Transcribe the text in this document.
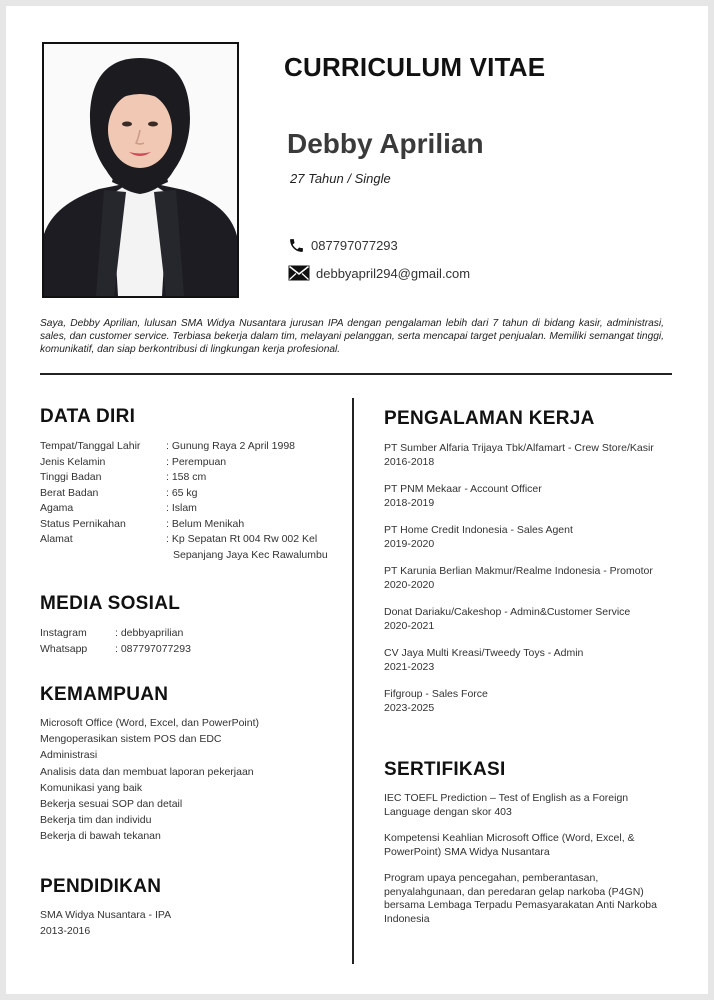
CURRICULUM VITAE
Debby Aprilian
27 Tahun / Single
087797077293
debbyapril294@gmail.com
Saya, Debby Aprilian, lulusan SMA Widya Nusantara jurusan IPA dengan pengalaman lebih dari 7 tahun di bidang kasir, administrasi, sales, dan customer service. Terbiasa bekerja dalam tim, melayani pelanggan, serta mencapai target penjualan. Memiliki semangat tinggi, komunikatif, dan siap berkontribusi di lingkungan kerja profesional.
DATA DIRI
Tempat/Tanggal Lahir	: Gunung Raya 2 April 1998
Jenis Kelamin	: Perempuan
Tinggi Badan	: 158 cm
Berat Badan	: 65 kg
Agama	: Islam
Status Pernikahan	: Belum Menikah
Alamat	: Kp Sepatan Rt 004 Rw 002 Kel
Sepanjang Jaya Kec Rawalumbu
MEDIA SOSIAL
Instagram	: debbyaprilian
Whatsapp	: 087797077293
KEMAMPUAN
Microsoft Office (Word, Excel, dan PowerPoint)
Mengoperasikan sistem POS dan EDC
Administrasi
Analisis data dan membuat laporan pekerjaan
Komunikasi yang baik
Bekerja sesuai SOP dan detail
Bekerja tim dan individu
Bekerja di bawah tekanan
PENDIDIKAN
SMA Widya Nusantara - IPA
2013-2016
PENGALAMAN KERJA
PT Sumber Alfaria Trijaya Tbk/Alfamart - Crew Store/Kasir
2016-2018
PT PNM Mekaar - Account Officer
2018-2019
PT Home Credit Indonesia - Sales Agent
2019-2020
PT Karunia Berlian Makmur/Realme Indonesia - Promotor
2020-2020
Donat Dariaku/Cakeshop - Admin&Customer Service
2020-2021
CV Jaya Multi Kreasi/Tweedy Toys - Admin
2021-2023
Fifgroup - Sales Force
2023-2025
SERTIFIKASI
IEC TOEFL Prediction – Test of English as a Foreign Language dengan skor 403
Kompetensi Keahlian Microsoft Office (Word, Excel, & PowerPoint) SMA Widya Nusantara
Program upaya pencegahan, pemberantasan, penyalahgunaan, dan peredaran gelap narkoba (P4GN) bersama Lembaga Terpadu Pemasyarakatan Anti Narkoba Indonesia
